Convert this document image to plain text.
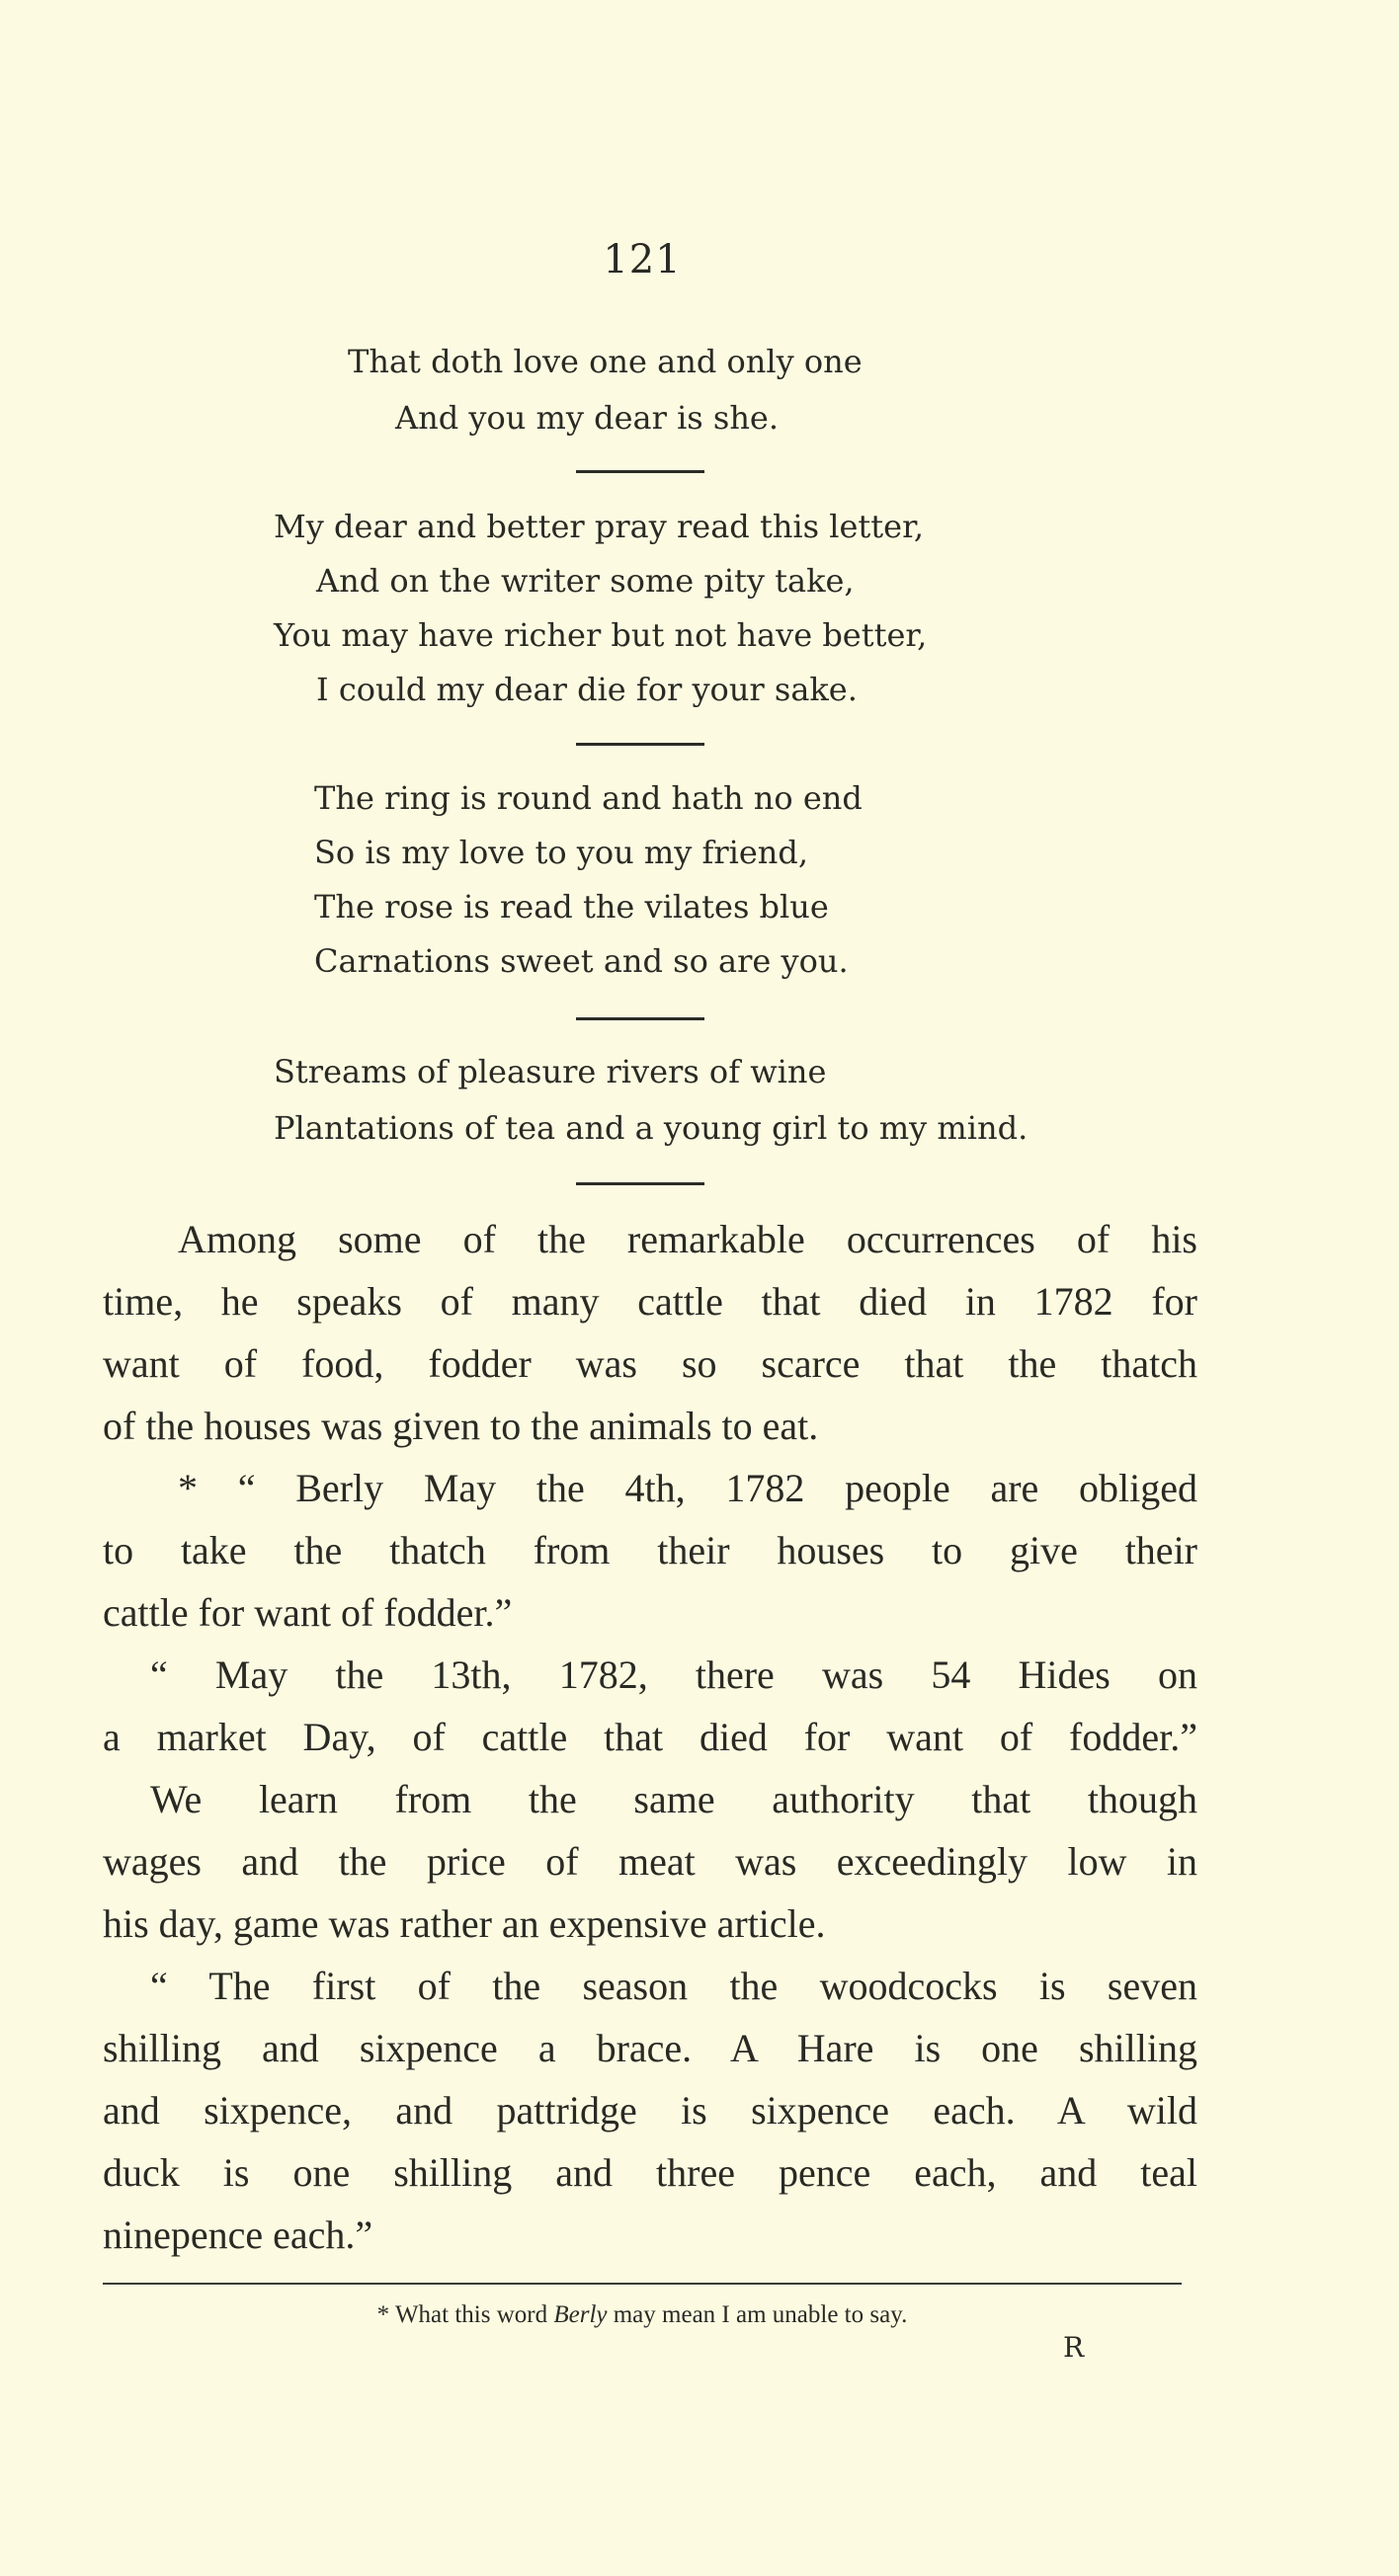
121
That doth love one and only one
And you my dear is she.
My dear and better pray read this letter,
And on the writer some pity take,
You may have richer but not have better,
I could my dear die for your sake.
The ring is round and hath no end
So is my love to you my friend,
The rose is read the vilates blue
Carnations sweet and so are you.
Streams of pleasure rivers of wine
Plantations of tea and a young girl to my mind.
Among some of the remarkable occurrences of his
time, he speaks of many cattle that died in 1782 for
want of food, fodder was so scarce that the thatch
of the houses was given to the animals to eat.
* “ Berly May the 4th, 1782 people are obliged
to take the thatch from their houses to give their
cattle for want of fodder.”
“ May the 13th, 1782, there was 54 Hides on
a market Day, of cattle that died for want of fodder.”
We learn from the same authority that though
wages and the price of meat was exceedingly low in
his day, game was rather an expensive article.
“ The first of the season the woodcocks is seven
shilling and sixpence a brace. A Hare is one shilling
and sixpence, and pattridge is sixpence each. A wild
duck is one shilling and three pence each, and teal
ninepence each.”
* What this word Berly may mean I am unable to say.
R
